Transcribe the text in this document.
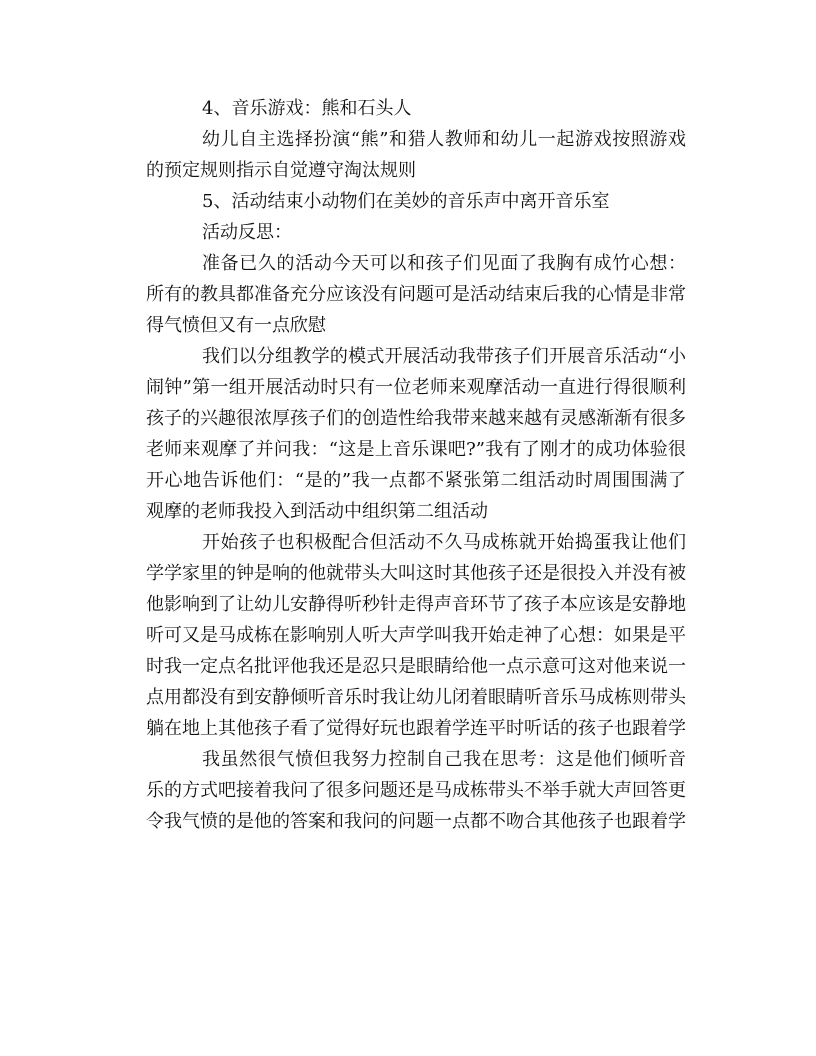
4、音乐游戏：熊和石头人

幼儿自主选择扮演“熊”和猎人教师和幼儿一起游戏按照游戏的预定规则指示自觉遵守淘汰规则

5、活动结束小动物们在美妙的音乐声中离开音乐室

活动反思：

准备已久的活动今天可以和孩子们见面了我胸有成竹心想：所有的教具都准备充分应该没有问题可是活动结束后我的心情是非常得气愤但又有一点欣慰

我们以分组教学的模式开展活动我带孩子们开展音乐活动“小闹钟”第一组开展活动时只有一位老师来观摩活动一直进行得很顺利孩子的兴趣很浓厚孩子们的创造性给我带来越来越有灵感渐渐有很多老师来观摩了并问我：“这是上音乐课吧?”我有了刚才的成功体验很开心地告诉他们：“是的”我一点都不紧张第二组活动时周围围满了观摩的老师我投入到活动中组织第二组活动

开始孩子也积极配合但活动不久马成栋就开始捣蛋我让他们学学家里的钟是响的他就带头大叫这时其他孩子还是很投入并没有被他影响到了让幼儿安静得听秒针走得声音环节了孩子本应该是安静地听可又是马成栋在影响别人听大声学叫我开始走神了心想：如果是平时我一定点名批评他我还是忍只是眼睛给他一点示意可这对他来说一点用都没有到安静倾听音乐时我让幼儿闭着眼睛听音乐马成栋则带头躺在地上其他孩子看了觉得好玩也跟着学连平时听话的孩子也跟着学

我虽然很气愤但我努力控制自己我在思考：这是他们倾听音乐的方式吧接着我问了很多问题还是马成栋带头不举手就大声回答更令我气愤的是他的答案和我问的问题一点都不吻合其他孩子也跟着学
